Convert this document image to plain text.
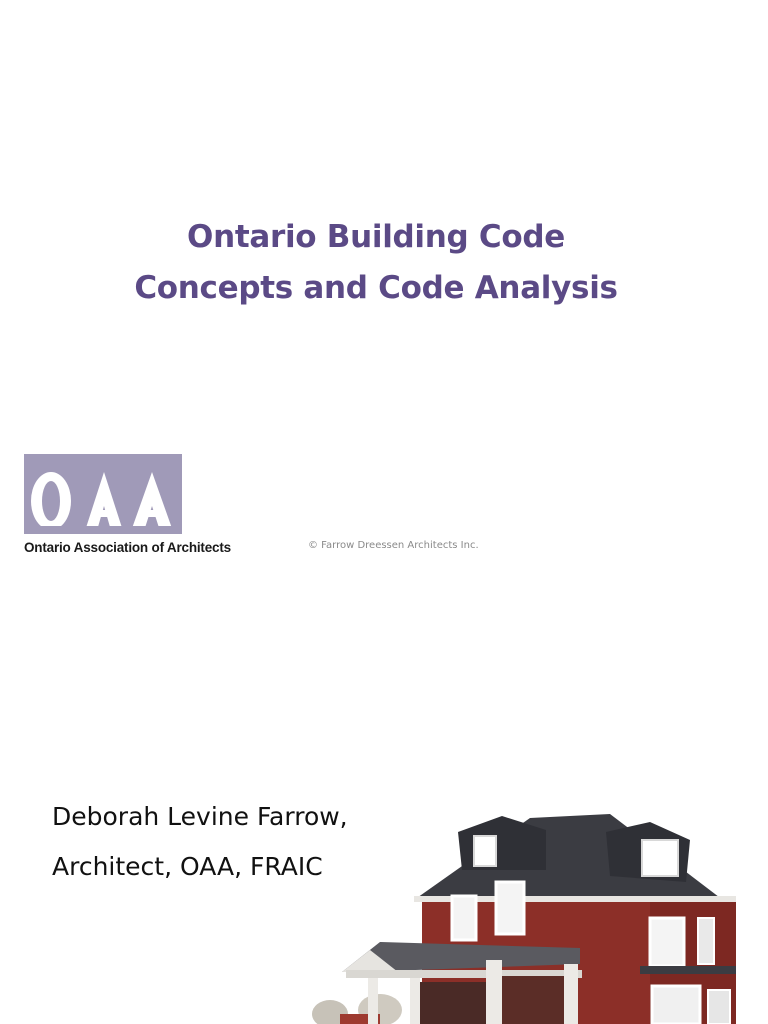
Ontario Building Code
Concepts and Code Analysis
Ontario Association of Architects	© Farrow Dreessen Architects Inc.
Deborah Levine Farrow,
Architect, OAA, FRAIC
